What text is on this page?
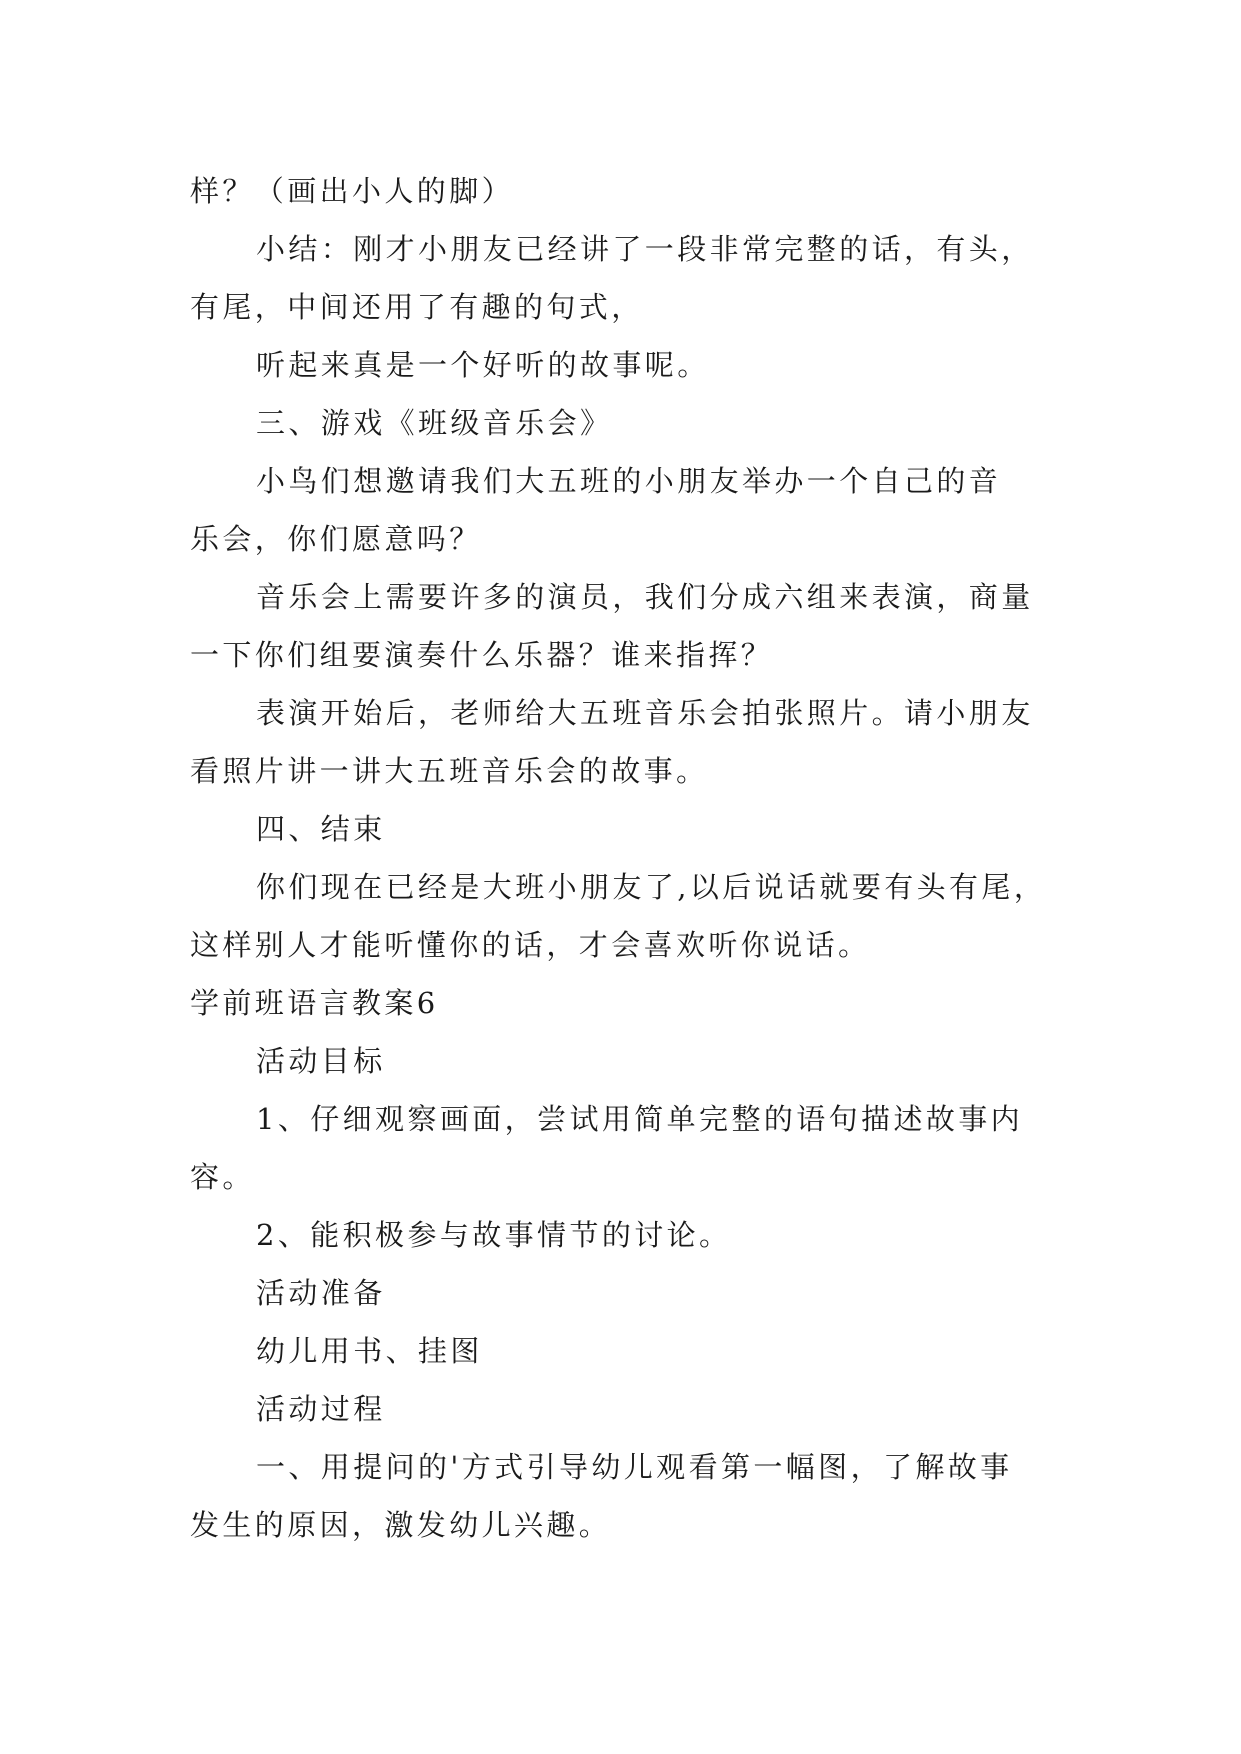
样？（画出小人的脚）
小结：刚才小朋友已经讲了一段非常完整的话，有头，
有尾，中间还用了有趣的句式，
听起来真是一个好听的故事呢。
三、游戏《班级音乐会》
小鸟们想邀请我们大五班的小朋友举办一个自己的音
乐会，你们愿意吗？
音乐会上需要许多的演员，我们分成六组来表演，商量
一下你们组要演奏什么乐器？谁来指挥？
表演开始后，老师给大五班音乐会拍张照片。请小朋友
看照片讲一讲大五班音乐会的故事。
四、结束
你们现在已经是大班小朋友了,以后说话就要有头有尾，
这样别人才能听懂你的话，才会喜欢听你说话。
学前班语言教案6
活动目标
1、仔细观察画面，尝试用简单完整的语句描述故事内
容。
2、能积极参与故事情节的讨论。
活动准备
幼儿用书、挂图
活动过程
一、用提问的'方式引导幼儿观看第一幅图，了解故事
发生的原因，激发幼儿兴趣。
